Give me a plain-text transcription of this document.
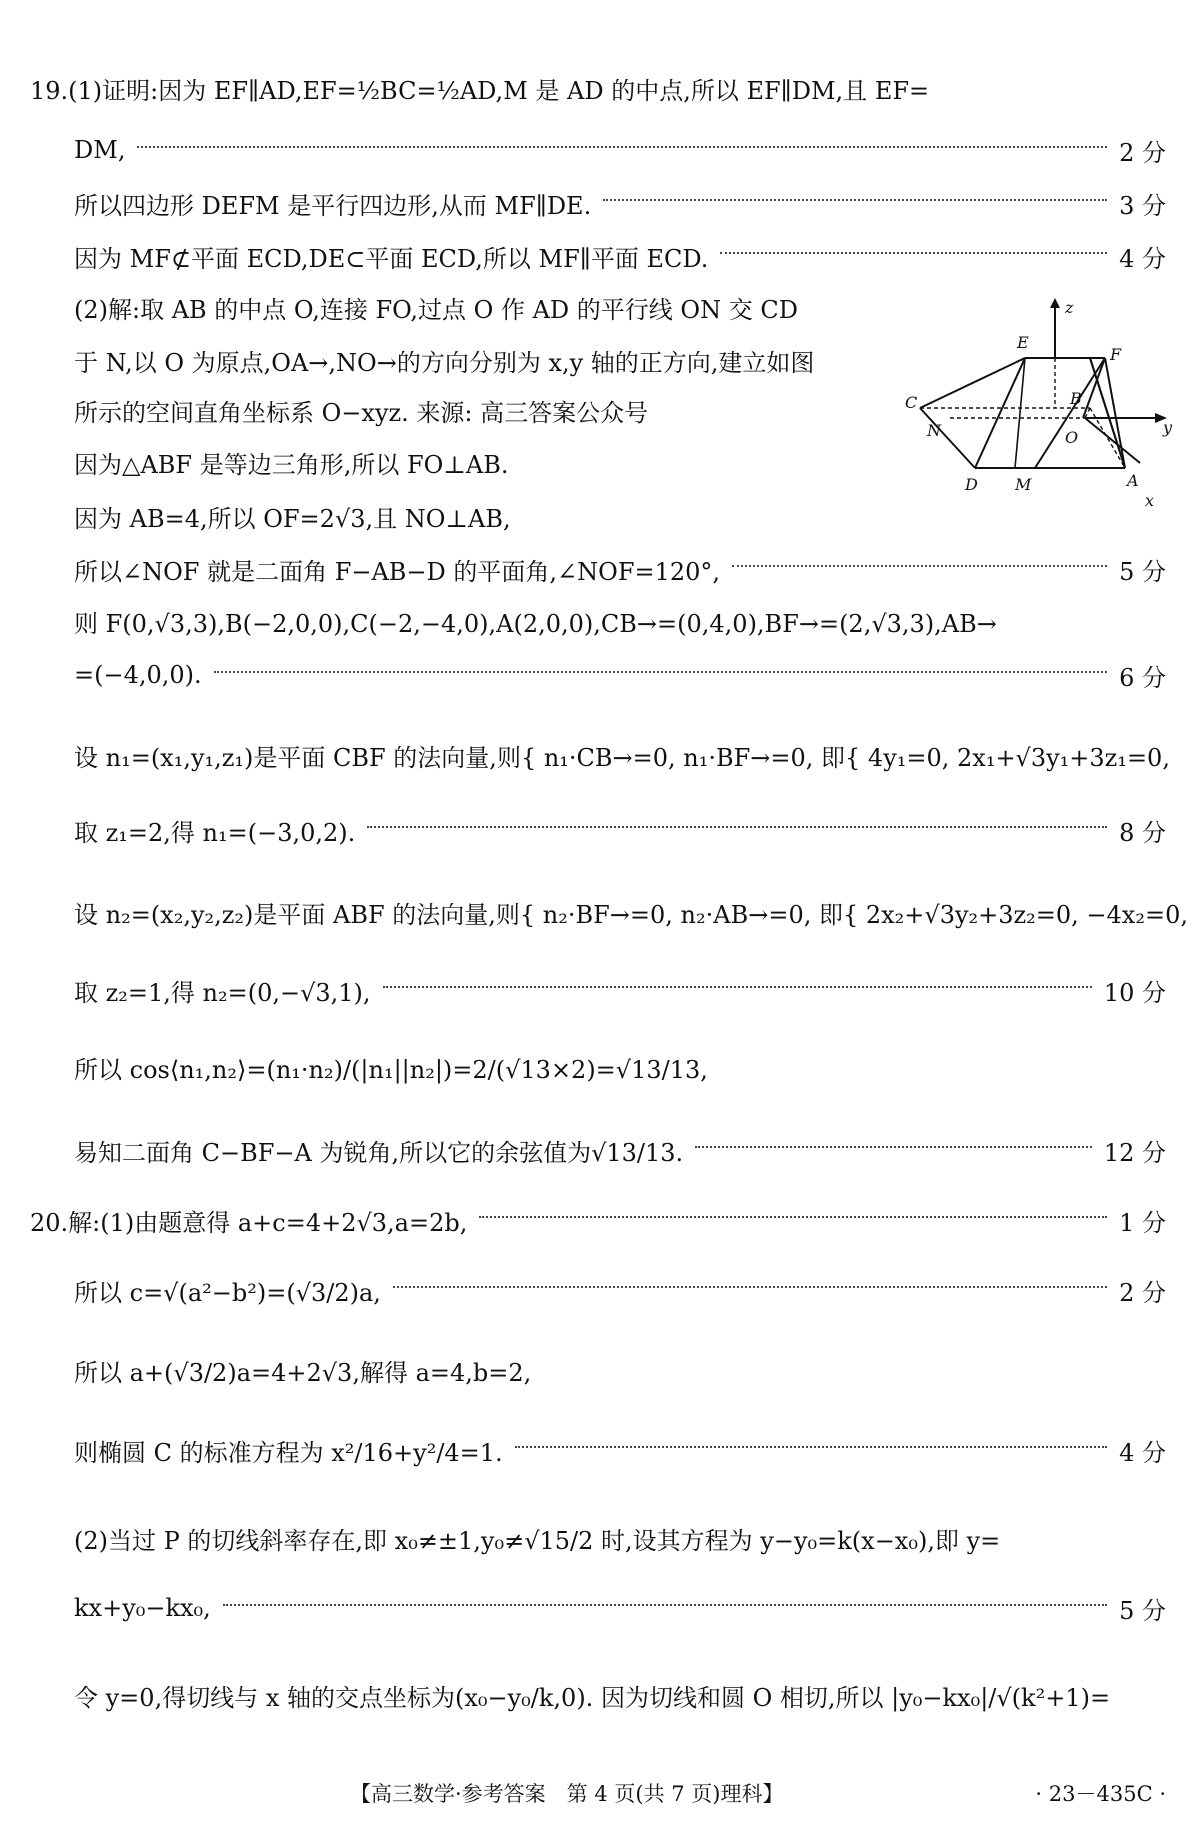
19.(1)证明:因为 EF∥AD,EF=½BC=½AD,M 是 AD 的中点,所以 EF∥DM,且 EF=
DM,	2 分
所以四边形 DEFM 是平行四边形,从而 MF∥DE.	3 分
因为 MF⊄平面 ECD,DE⊂平面 ECD,所以 MF∥平面 ECD.	4 分
(2)解:取 AB 的中点 O,连接 FO,过点 O 作 AD 的平行线 ON 交 CD
于 N,以 O 为原点,OA→,NO→的方向分别为 x,y 轴的正方向,建立如图
所示的空间直角坐标系 O−xyz. 来源: 高三答案公众号
因为△ABF 是等边三角形,所以 FO⊥AB.
因为 AB=4,所以 OF=2√3,且 NO⊥AB,
所以∠NOF 就是二面角 F−AB−D 的平面角,∠NOF=120°,	5 分
则 F(0,√3,3),B(−2,0,0),C(−2,−4,0),A(2,0,0),CB→=(0,4,0),BF→=(2,√3,3),AB→
=(−4,0,0).	6 分
设 n₁=(x₁,y₁,z₁)是平面 CBF 的法向量,则{ n₁·CB→=0, n₁·BF→=0, 即{ 4y₁=0, 2x₁+√3y₁+3z₁=0,
取 z₁=2,得 n₁=(−3,0,2).	8 分
设 n₂=(x₂,y₂,z₂)是平面 ABF 的法向量,则{ n₂·BF→=0, n₂·AB→=0, 即{ 2x₂+√3y₂+3z₂=0, −4x₂=0,
取 z₂=1,得 n₂=(0,−√3,1),	10 分
所以 cos⟨n₁,n₂⟩=(n₁·n₂)/(|n₁||n₂|)=2/(√13×2)=√13/13,
易知二面角 C−BF−A 为锐角,所以它的余弦值为√13/13.	12 分
20.解:(1)由题意得 a+c=4+2√3,a=2b,	1 分
所以 c=√(a²−b²)=(√3/2)a,	2 分
所以 a+(√3/2)a=4+2√3,解得 a=4,b=2,
则椭圆 C 的标准方程为 x²/16+y²/4=1.	4 分
(2)当过 P 的切线斜率存在,即 x₀≠±1,y₀≠√15/2 时,设其方程为 y−y₀=k(x−x₀),即 y=
kx+y₀−kx₀,	5 分
令 y=0,得切线与 x 轴的交点坐标为(x₀−y₀/k,0). 因为切线和圆 O 相切,所以 |y₀−kx₀|/√(k²+1)=
E
F
C	B
N	O
D M	A
x
y
z
【高三数学·参考答案　第 4 页(共 7 页)理科】	· 23－435C ·
